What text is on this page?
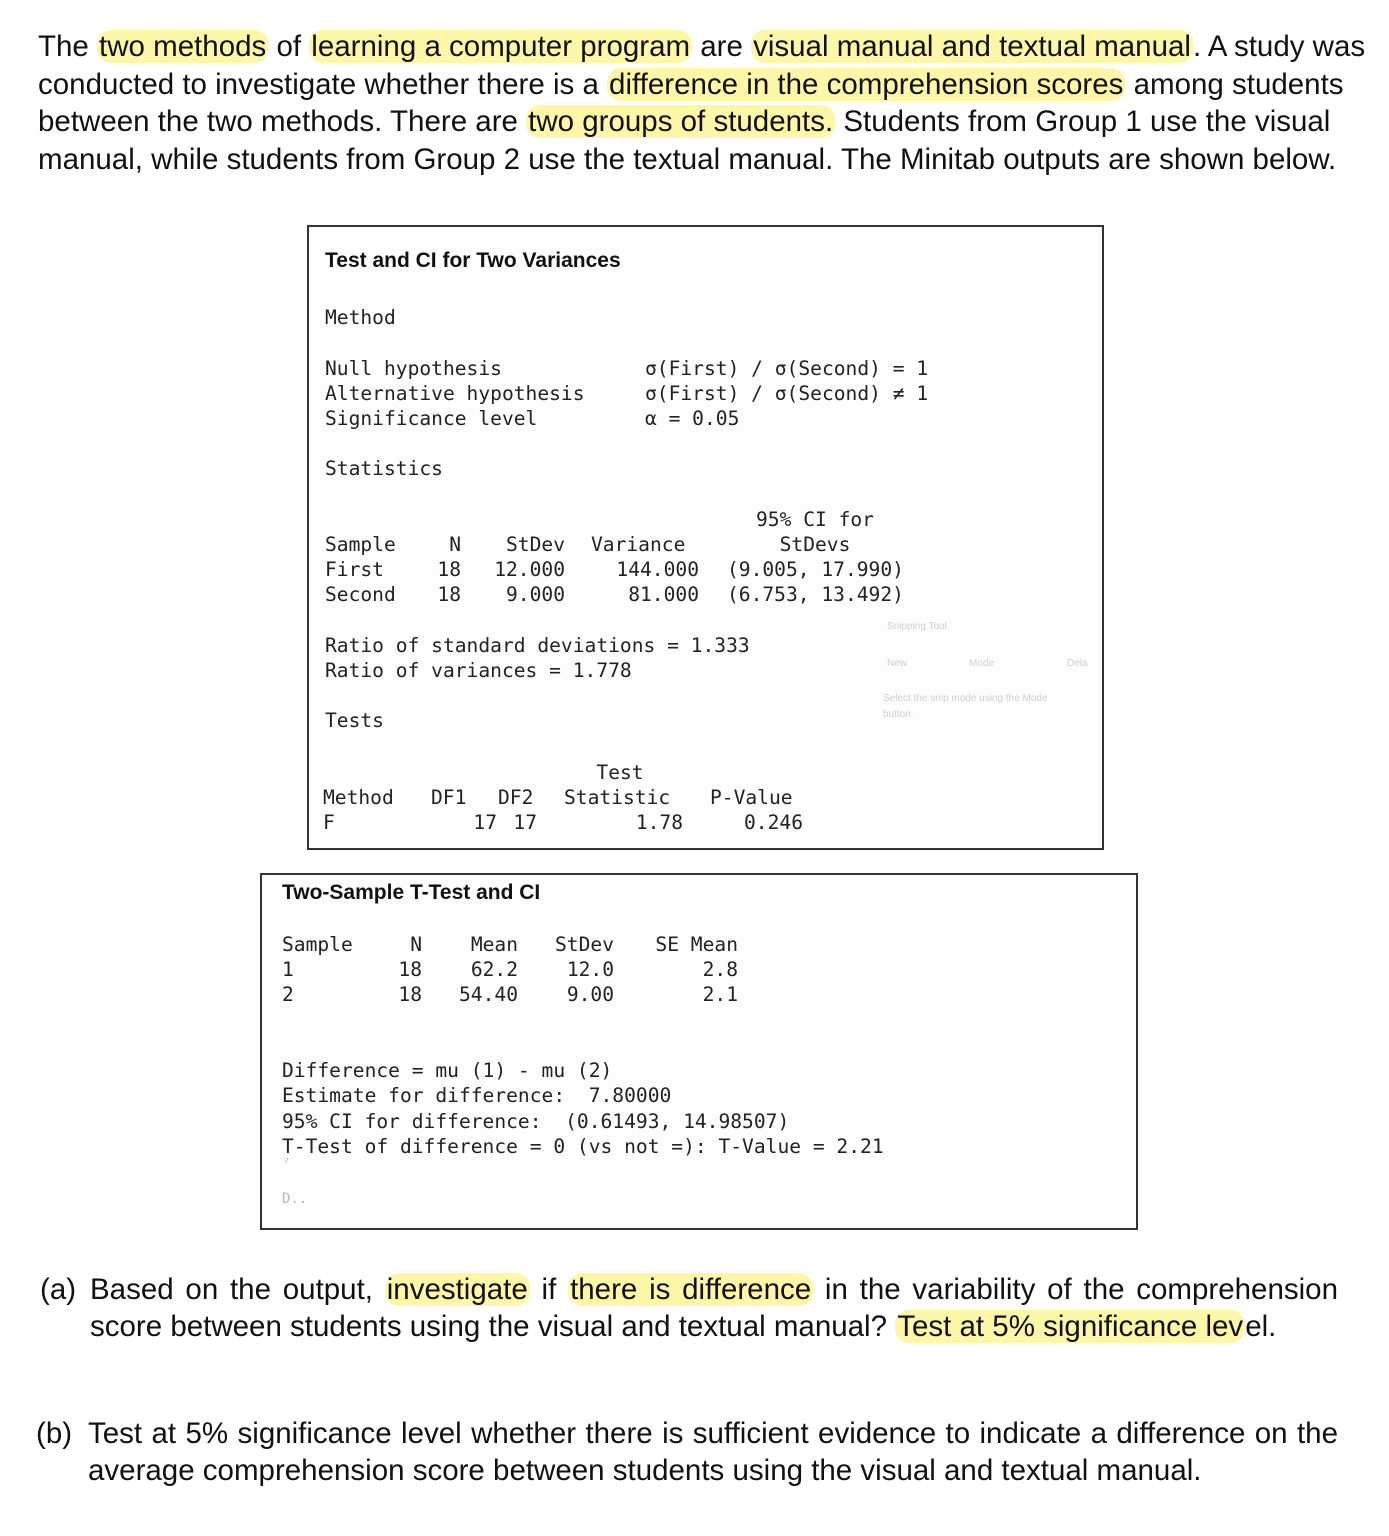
The two methods of learning a computer program are visual manual and textual manual. A study was conducted to investigate whether there is a difference in the comprehension scores among students between the two methods. There are two groups of students. Students from Group 1 use the visual manual, while students from Group 2 use the textual manual. The Minitab outputs are shown below.

Test and CI for Two Variances
Method
Null hypothesis	σ(First) / σ(Second) = 1
Alternative hypothesis	σ(First) / σ(Second) ≠ 1
Significance level	α = 0.05
Statistics
95% CI for
Sample	N	StDev Variance	StDevs
First	18	12.000	144.000 (9.005, 17.990)
Second	18	9.000	81.000 (6.753, 13.492)
Ratio of standard deviations = 1.333
Ratio of variances = 1.778
Tests
Test
Method DF1 DF2 Statistic P-Value
F	17 17	1.78	0.246
Snipping Tool
New	Mode	Dela
Select the snip mode using the Mode
button.
Two-Sample T-Test and CI
Sample	N	Mean	StDev	SE Mean
1	18	62.2	12.0	2.8
2	18	54.40	9.00	2.1
Difference = mu (1) - mu (2)
Estimate for difference:  7.80000
95% CI for difference:  (0.61493, 14.98507)
T-Test of difference = 0 (vs not =): T-Value = 2.21
ˀ
D..
(a) Based on the output, investigate if there is difference in the variability of the comprehension score between students using the visual and textual manual? Test at 5% significance level.
(b) Test at 5% significance level whether there is sufficient evidence to indicate a difference on the average comprehension score between students using the visual and textual manual.
